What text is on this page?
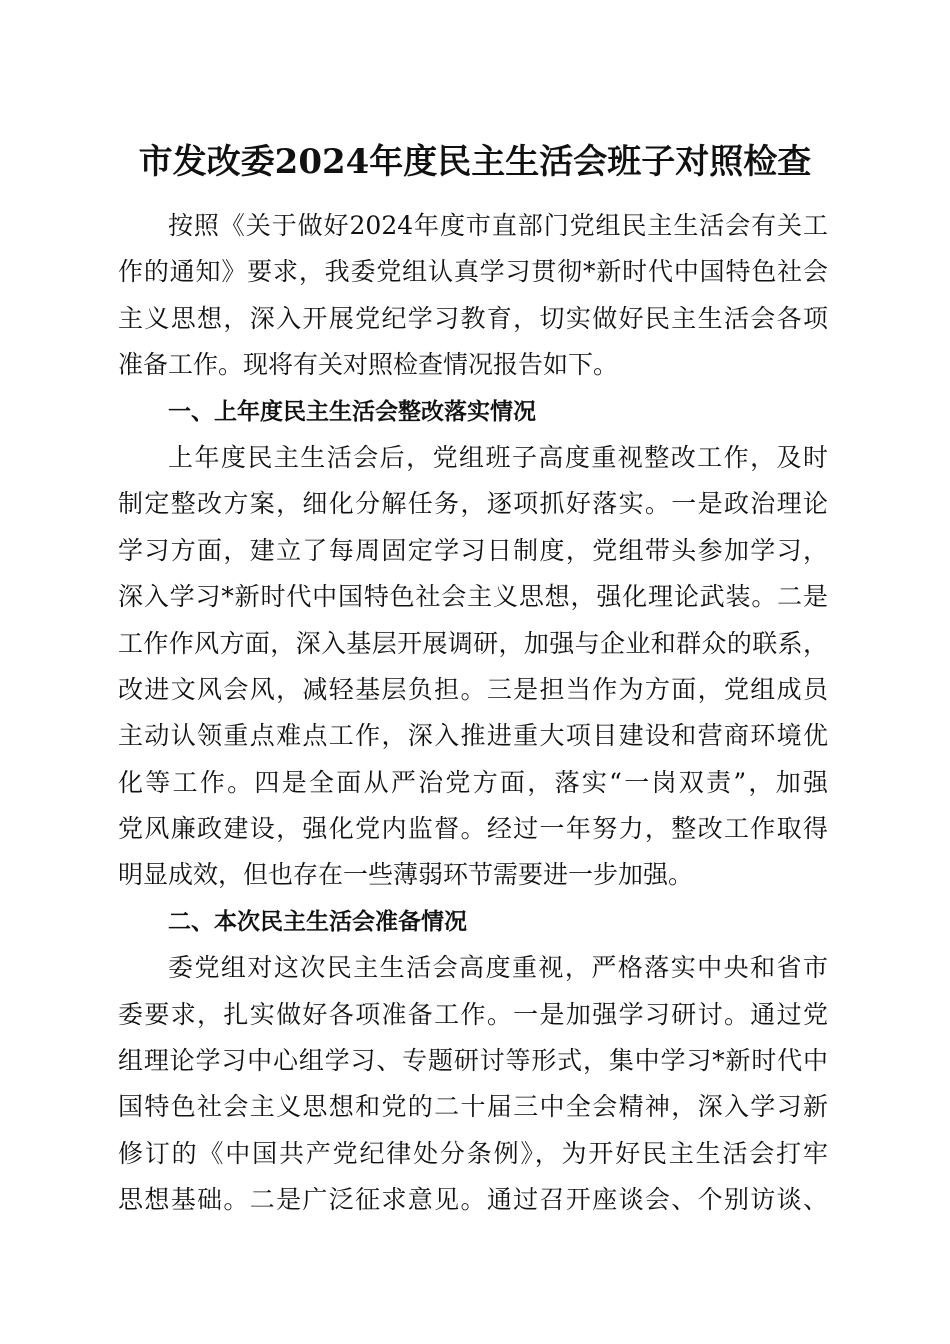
市发改委2024年度民主生活会班子对照检查
按照《关于做好2024年度市直部门党组民主生活会有关工
作的通知》要求，我委党组认真学习贯彻*新时代中国特色社会
主义思想，深入开展党纪学习教育，切实做好民主生活会各项
准备工作。现将有关对照检查情况报告如下。
一、上年度民主生活会整改落实情况
上年度民主生活会后，党组班子高度重视整改工作，及时
制定整改方案，细化分解任务，逐项抓好落实。一是政治理论
学习方面，建立了每周固定学习日制度，党组带头参加学习，
深入学习*新时代中国特色社会主义思想，强化理论武装。二是
工作作风方面，深入基层开展调研，加强与企业和群众的联系，
改进文风会风，减轻基层负担。三是担当作为方面，党组成员
主动认领重点难点工作，深入推进重大项目建设和营商环境优
化等工作。四是全面从严治党方面，落实“一岗双责”，加强
党风廉政建设，强化党内监督。经过一年努力，整改工作取得
明显成效，但也存在一些薄弱环节需要进一步加强。
二、本次民主生活会准备情况
委党组对这次民主生活会高度重视，严格落实中央和省市
委要求，扎实做好各项准备工作。一是加强学习研讨。通过党
组理论学习中心组学习、专题研讨等形式，集中学习*新时代中
国特色社会主义思想和党的二十届三中全会精神，深入学习新
修订的《中国共产党纪律处分条例》，为开好民主生活会打牢
思想基础。二是广泛征求意见。通过召开座谈会、个别访谈、
